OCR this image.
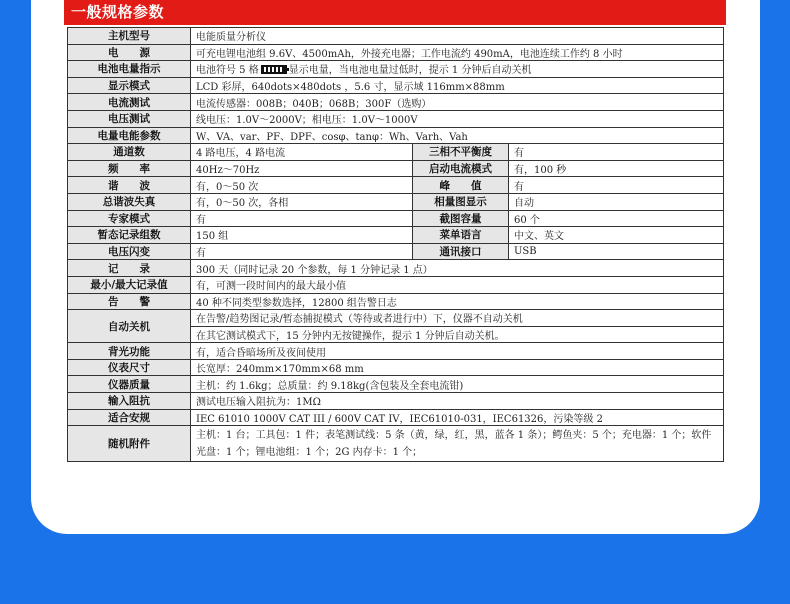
一般规格参数
主机型号	电能质量分析仪		
电　　源	可充电锂电池组 9.6V、4500mAh，外接充电器；工作电流约 490mA，电池连续工作约 8 小时		
电池电量指示	电池符号 5 格 显示电量，当电池电量过低时，提示 1 分钟后自动关机		
显示模式	LCD 彩屏，640dots×480dots ，5.6 寸，显示域 116mm×88mm		
电流测试	电流传感器：008B；040B；068B；300F（选购）		
电压测试	线电压：1.0V～2000V；相电压：1.0V～1000V		
电量电能参数	W、VA、var、PF、DPF、cosφ、tanφ：Wh、Varh、Vah		
通道数	4 路电压，4 路电流	三相不平衡度	有
频　　率	40Hz～70Hz	启动电流模式	有，100 秒
谐　　波	有，0～50 次	峰　　值	有
总谐波失真	有，0～50 次，各相	相量图显示	自动
专家模式	有	截图容量	60 个
暂态记录组数	150 组	菜单语言	中文、英文
电压闪变	有	通讯接口	USB
记　　录	300 天（同时记录 20 个参数，每 1 分钟记录 1 点）		
最小/最大记录值	有，可测一段时间内的最大最小值		
告　　警	40 种不同类型参数选择，12800 组告警日志		
自动关机	在告警/趋势图记录/暂态捕捉模式（等待或者进行中）下，仪器不自动关机		
	在其它测试模式下，15 分钟内无按键操作，提示 1 分钟后自动关机。		
背光功能	有，适合昏暗场所及夜间使用		
仪表尺寸	长宽厚：240mm×170mm×68 mm		
仪器质量	主机：约 1.6kg；总质量：约 9.18kg(含包装及全套电流钳)		
输入阻抗	测试电压输入阻抗为：1MΩ		
适合安规	IEC 61010 1000V CAT III / 600V CAT IV，IEC61010-031，IEC61326，污染等级 2		
随机附件	主机：1 台；工具包：1 件；表笔测试线：5 条（黄，绿，红，黑，蓝各 1 条）；鳄鱼夹：5 个；充电器：1 个；软件光盘：1 个；锂电池组：1 个；2G 内存卡：1 个；		
